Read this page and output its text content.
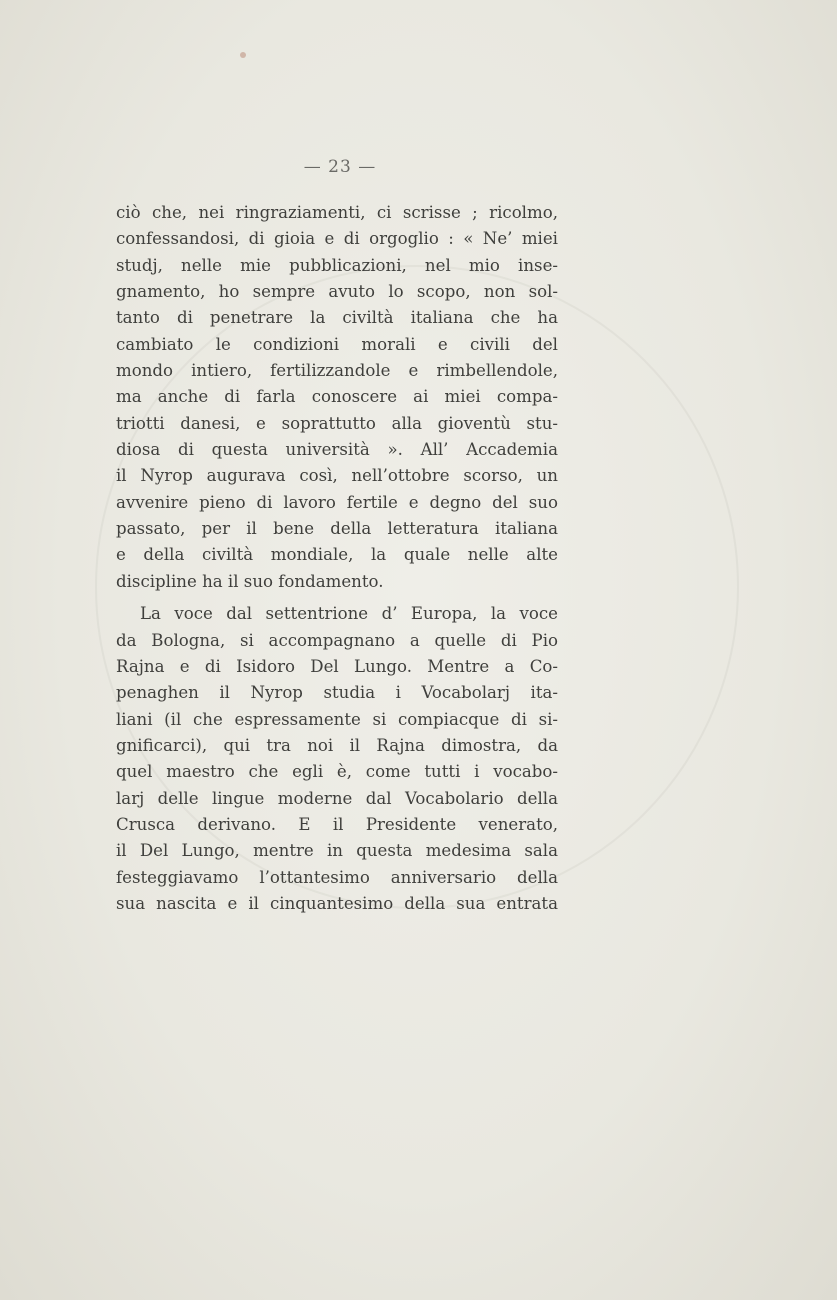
— 23 —
ciò che, nei ringraziamenti, ci scrisse ; ricolmo,
confessandosi, di gioia e di orgoglio : « Ne’ miei
studj, nelle mie pubblicazioni, nel mio inse-
gnamento, ho sempre avuto lo scopo, non sol-
tanto di penetrare la civiltà italiana che ha
cambiato le condizioni morali e civili del
mondo intiero, fertilizzandole e rimbellendole,
ma anche di farla conoscere ai miei compa-
triotti danesi, e soprattutto alla gioventù stu-
diosa di questa università ». All’ Accademia
il Nyrop augurava così, nell’ottobre scorso, un
avvenire pieno di lavoro fertile e degno del suo
passato, per il bene della letteratura italiana
e della civiltà mondiale, la quale nelle alte
discipline ha il suo fondamento.
La voce dal settentrione d’ Europa, la voce
da Bologna, si accompagnano a quelle di Pio
Rajna e di Isidoro Del Lungo. Mentre a Co-
penaghen il Nyrop studia i Vocabolarj ita-
liani (il che espressamente si compiacque di si-
gnificarci), qui tra noi il Rajna dimostra, da
quel maestro che egli è, come tutti i vocabo-
larj delle lingue moderne dal Vocabolario della
Crusca derivano. E il Presidente venerato,
il Del Lungo, mentre in questa medesima sala
festeggiavamo l’ottantesimo anniversario della
sua nascita e il cinquantesimo della sua entrata
